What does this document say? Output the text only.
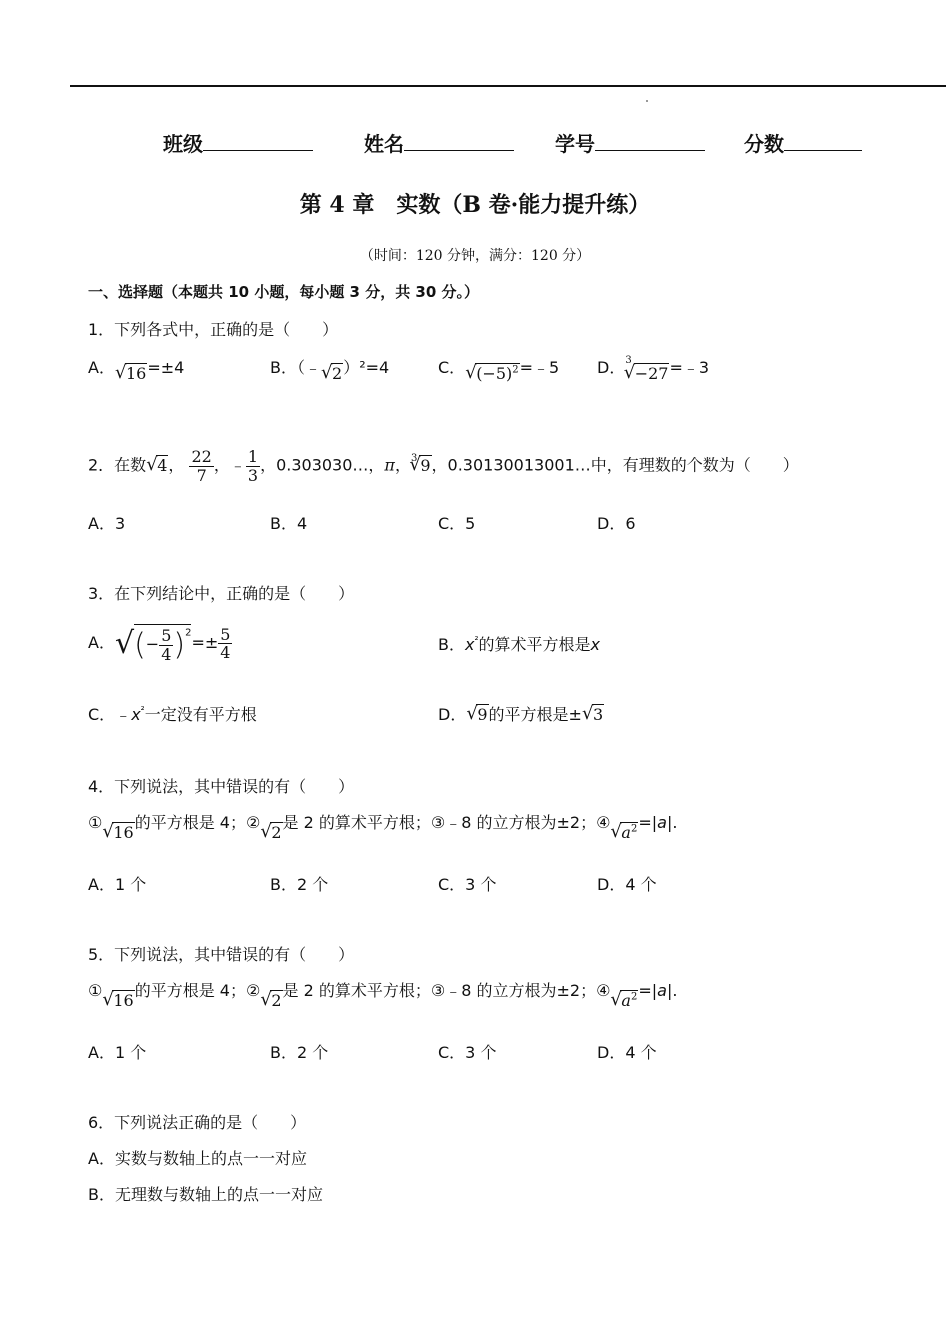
班级	姓名	学号	分数
第 4 章　实数（B 卷·能力提升练）
（时间：120 分钟，满分：120 分）
一、选择题（本题共 10 小题，每小题 3 分，共 30 分。）
1．下列各式中，正确的是（　　）
A． √ 16=±4	B．（﹣ √ 2）²=4	C． √ $(-5)^2=﹣5$ D．$^3$√ −27=﹣3
2．在数 √ 4， $\frac{22}{7}$ ，﹣ $\frac{1}{3}$ ，0.303030…，π，$^3$ √ 9，0.30130013001…中，有理数的个数为（　　）
A．3	B．4	C．5	D．6
3．在下列结论中，正确的是（　　）
A．√(− $\frac{5}{4} )^2=\pm \frac{5}{4}$	B．$x^{^2}$的算术平方根是x
C．$﹣x^{^2}$一定没有平方根	D． √ 9的平方根是± √ 3
4．下列说法，其中错误的有（　　）
①√ 16的平方根是 4；②√ 2是 2 的算术平方根；③﹣8 的立方根为±2；④√ $a^2=|a|$.
A．1 个	B．2 个	C．3 个	D．4 个
5．下列说法，其中错误的有（　　）
①√ 16的平方根是 4；②√ 2是 2 的算术平方根；③﹣8 的立方根为±2；④√ $a^2=|a|$.
A．1 个	B．2 个	C．3 个	D．4 个
6．下列说法正确的是（　　）
A．实数与数轴上的点一一对应
B．无理数与数轴上的点一一对应
